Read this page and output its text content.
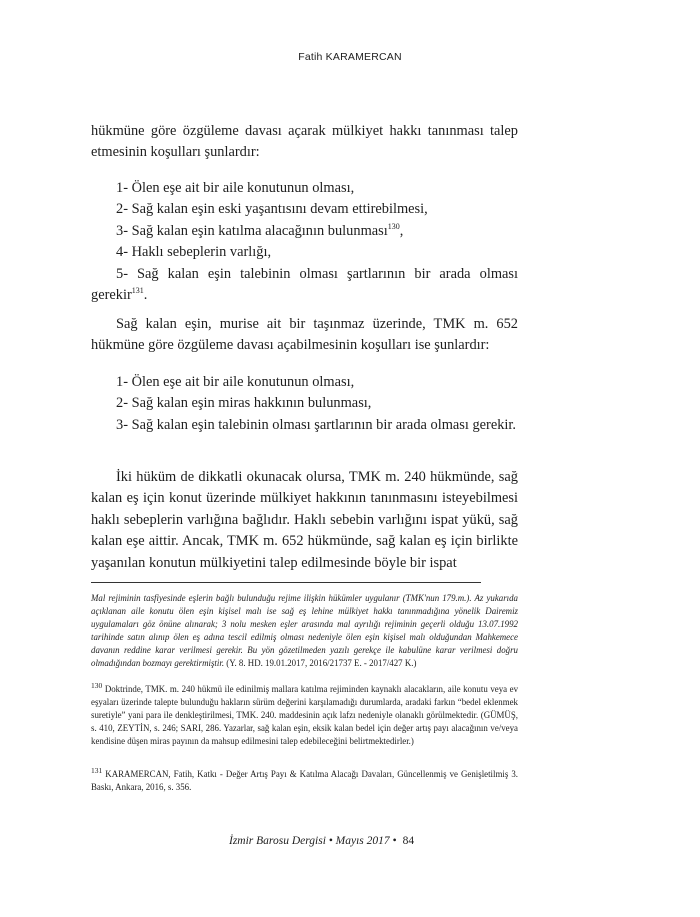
Fatih KARAMERCAN

hükmüne göre özgüleme davası açarak mülkiyet hakkı tanınması talep etmesinin koşulları şunlardır:

1- Ölen eşe ait bir aile konutunun olması,

2- Sağ kalan eşin eski yaşantısını devam ettirebilmesi,

3- Sağ kalan eşin katılma alacağının bulunması$^{130}$,

4- Haklı sebeplerin varlığı,

5- Sağ kalan eşin talebinin olması şartlarının bir arada olması gerekir$^{131}$.

Sağ kalan eşin, murise ait bir taşınmaz üzerinde, TMK m. 652 hükmüne göre özgüleme davası açabilmesinin koşulları ise şunlardır:

1- Ölen eşe ait bir aile konutunun olması,

2- Sağ kalan eşin miras hakkının bulunması,

3- Sağ kalan eşin talebinin olması şartlarının bir arada olması gerekir.

İki hüküm de dikkatli okunacak olursa, TMK m. 240 hükmünde, sağ kalan eş için konut üzerinde mülkiyet hakkının tanınmasını isteyebilmesi haklı sebeplerin varlığına bağlıdır. Haklı sebebin varlığını ispat yükü, sağ kalan eşe aittir. Ancak, TMK m. 652 hükmünde, sağ kalan eş için birlikte yaşanılan konutun mülkiyetini talep edilmesinde böyle bir ispat

Mal rejiminin tasfiyesinde eşlerin bağlı bulunduğu rejime ilişkin hükümler uygulanır (TMK'nun 179.m.). Az yukarıda açıklanan aile konutu ölen eşin kişisel malı ise sağ eş lehine mülkiyet hakkı tanınmadığına yönelik Dairemiz uygulamaları göz önüne alınarak; 3 nolu mesken eşler arasında mal ayrılığı rejiminin geçerli olduğu 13.07.1992 tarihinde satın alınıp ölen eş adına tescil edilmiş olması nedeniyle ölen eşin kişisel malı olduğundan Mahkemece davanın reddine karar verilmesi gerekir. Bu yön gözetilmeden yazılı gerekçe ile kabulüne karar verilmesi doğru olmadığından bozmayı gerektirmiştir. (Y. 8. HD. 19.01.2017, 2016/21737 E. - 2017/427 K.)
$^{130}$ Doktrinde, TMK. m. 240 hükmü ile edinilmiş mallara katılma rejiminden kaynaklı alacakların, aile konutu veya ev eşyaları üzerinde talepte bulunduğu hakların sürüm değerini karşılamadığı durumlarda, aradaki farkın “bedel eklenmek suretiyle” yani para ile denkleştirilmesi, TMK. 240. maddesinin açık lafzı nedeniyle olanaklı görülmektedir. (GÜMÜŞ, s. 410, ZEYTİN, s. 246; SARI, 286. Yazarlar, sağ kalan eşin, eksik kalan bedel için değer artış payı alacağının ve/veya kendisine düşen miras payının da mahsup edilmesini talep edebileceğini belirtmektedirler.)
$^{131}$ KARAMERCAN, Fatih, Katkı - Değer Artış Payı & Katılma Alacağı Davaları, Güncellenmiş ve Genişletilmiş 3. Baskı, Ankara, 2016, s. 356.
İzmir Barosu Dergisi • Mayıs 2017 • 84
